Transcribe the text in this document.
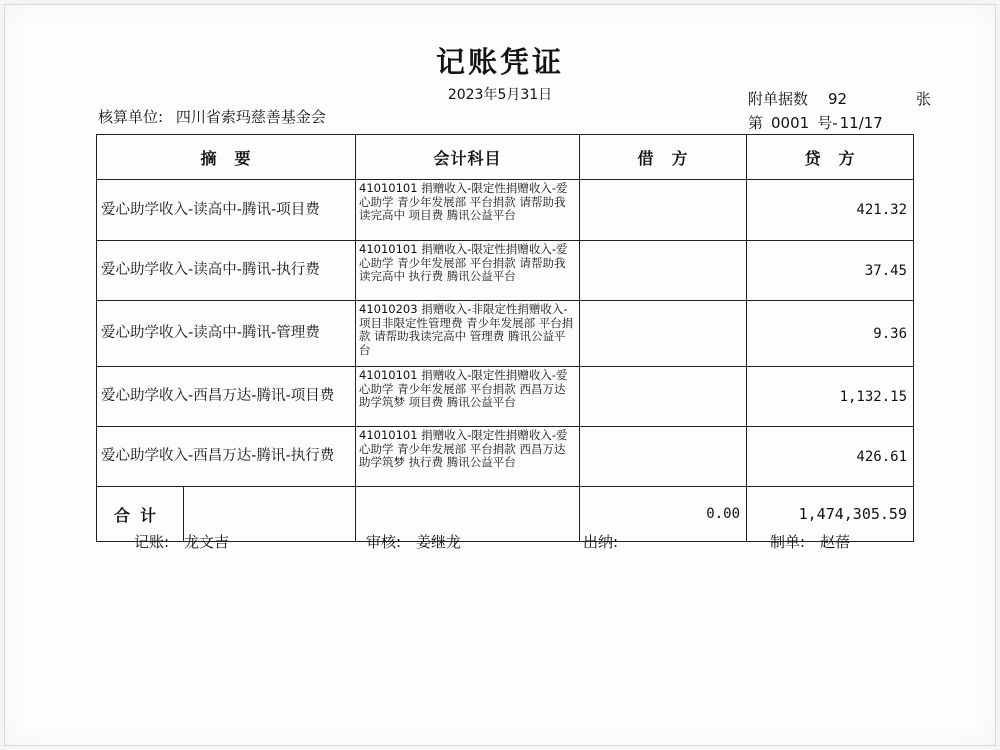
记账凭证
2023年5月31日	附单据数 92	张
核算单位: 四川省索玛慈善基金会	第 0001 号- 11/17
摘　要	会计科目	借　方	贷　方
爱心助学收入-读高中-腾讯-项目费	41010101 捐赠收入-限定性捐赠收入-爱心助学 青少年发展部 平台捐款 请帮助我读完高中 项目费 腾讯公益平台		421.32
爱心助学收入-读高中-腾讯-执行费	41010101 捐赠收入-限定性捐赠收入-爱心助学 青少年发展部 平台捐款 请帮助我读完高中 执行费 腾讯公益平台		37.45
爱心助学收入-读高中-腾讯-管理费	41010203 捐赠收入-非限定性捐赠收入-项目非限定性管理费 青少年发展部 平台捐款 请帮助我读完高中 管理费 腾讯公益平台		9.36
爱心助学收入-西昌万达-腾讯-项目费	41010101 捐赠收入-限定性捐赠收入-爱心助学 青少年发展部 平台捐款 西昌万达助学筑梦 项目费 腾讯公益平台		1,132.15
爱心助学收入-西昌万达-腾讯-执行费	41010101 捐赠收入-限定性捐赠收入-爱心助学 青少年发展部 平台捐款 西昌万达助学筑梦 执行费 腾讯公益平台		426.61

合计		0.00	1,474,305.59
记账:　龙文吉	审核:　姜继龙	出纳:	制单:　赵蓓
